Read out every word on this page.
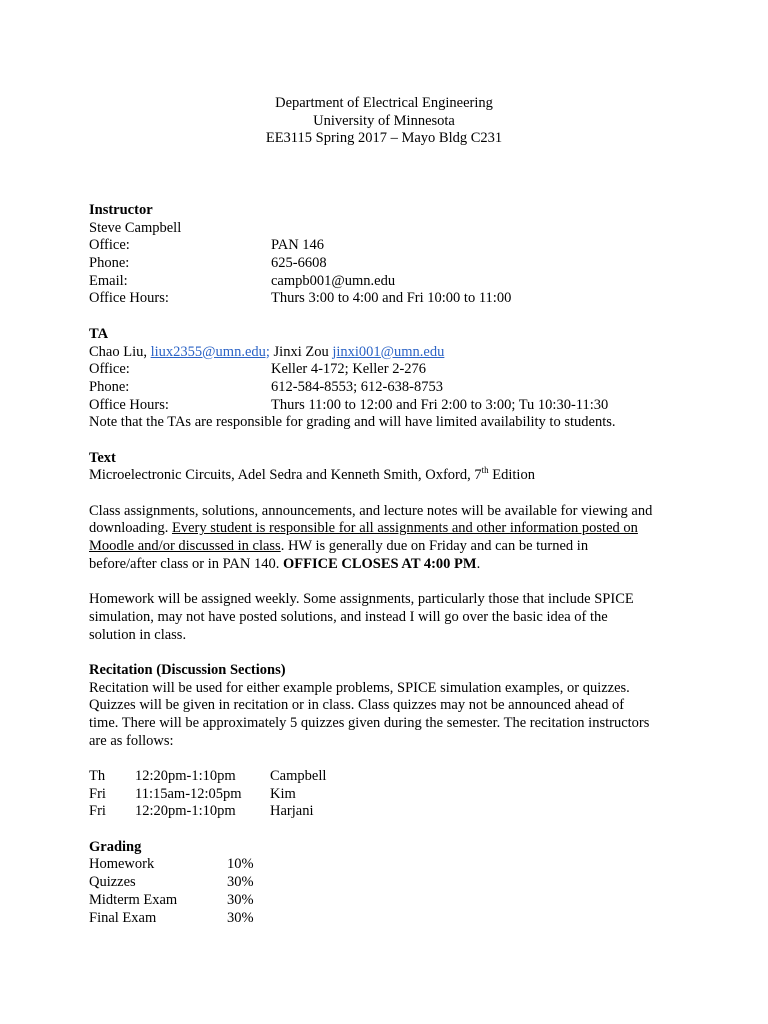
Department of Electrical Engineering
University of Minnesota
EE3115 Spring 2017 – Mayo Bldg C231
Instructor
Steve Campbell
Office:	PAN 146
Phone:	625-6608
Email:	campb001@umn.edu
Office Hours:	Thurs 3:00 to 4:00 and Fri 10:00 to 11:00
TA
Chao Liu, liux2355@umn.edu; Jinxi Zou jinxi001@umn.edu
Office:	Keller 4-172; Keller 2-276
Phone:	612-584-8553; 612-638-8753
Office Hours:	Thurs 11:00 to 12:00 and Fri 2:00 to 3:00; Tu 10:30-11:30
Note that the TAs are responsible for grading and will have limited availability to students.
Text
Microelectronic Circuits, Adel Sedra and Kenneth Smith, Oxford, 7th Edition
Class assignments, solutions, announcements, and lecture notes will be available for viewing and
downloading. Every student is responsible for all assignments and other information posted on
Moodle and/or discussed in class. HW is generally due on Friday and can be turned in
before/after class or in PAN 140. OFFICE CLOSES AT 4:00 PM.
Homework will be assigned weekly. Some assignments, particularly those that include SPICE
simulation, may not have posted solutions, and instead I will go over the basic idea of the
solution in class.
Recitation (Discussion Sections)
Recitation will be used for either example problems, SPICE simulation examples, or quizzes.
Quizzes will be given in recitation or in class. Class quizzes may not be announced ahead of
time. There will be approximately 5 quizzes given during the semester. The recitation instructors
are as follows:
Th	12:20pm-1:10pm	Campbell
Fri	11:15am-12:05pm	Kim
Fri	12:20pm-1:10pm	Harjani
Grading
Homework	10%
Quizzes	30%
Midterm Exam	30%
Final Exam	30%
